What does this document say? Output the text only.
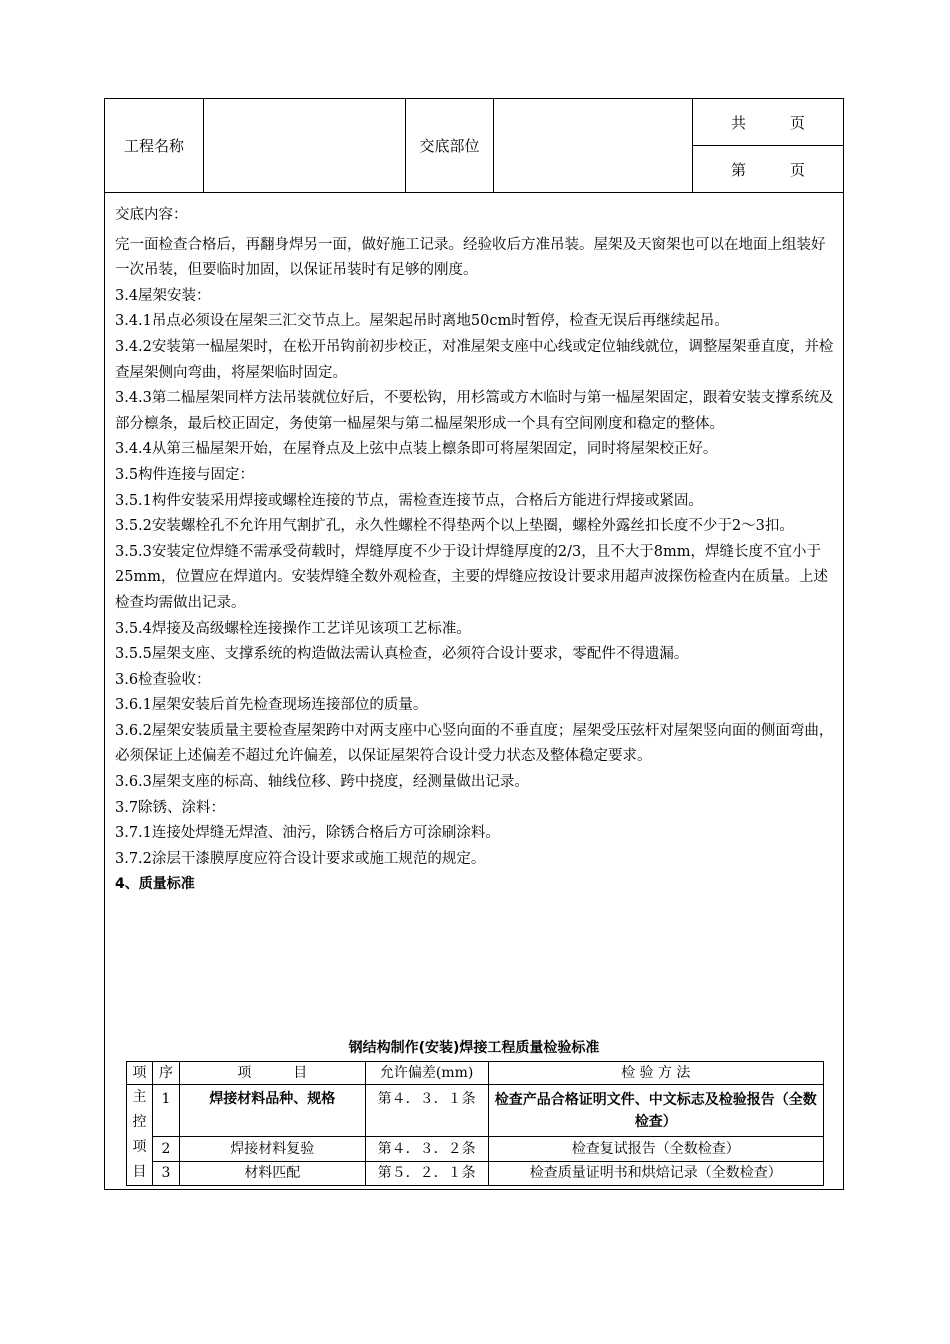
工程名称	交底部位
共	页
第	页

交底内容：

完一面检查合格后，再翻身焊另一面，做好施工记录。经验收后方准吊装。屋架及天窗架也可以在地面上组装好一次吊装，但要临时加固，以保证吊装时有足够的刚度。

3.4屋架安装：

3.4.1吊点必须设在屋架三汇交节点上。屋架起吊时离地50cm时暂停，检查无误后再继续起吊。

3.4.2安装第一榀屋架时，在松开吊钩前初步校正，对准屋架支座中心线或定位轴线就位，调整屋架垂直度，并检查屋架侧向弯曲，将屋架临时固定。

3.4.3第二榀屋架同样方法吊装就位好后，不要松钩，用杉篙或方木临时与第一榀屋架固定，跟着安装支撑系统及部分檩条，最后校正固定，务使第一榀屋架与第二榀屋架形成一个具有空间刚度和稳定的整体。

3.4.4从第三榀屋架开始，在屋脊点及上弦中点装上檩条即可将屋架固定，同时将屋架校正好。

3.5构件连接与固定：

3.5.1构件安装采用焊接或螺栓连接的节点，需检查连接节点，合格后方能进行焊接或紧固。

3.5.2安装螺栓孔不允许用气割扩孔，永久性螺栓不得垫两个以上垫圈，螺栓外露丝扣长度不少于2～3扣。

3.5.3安装定位焊缝不需承受荷载时，焊缝厚度不少于设计焊缝厚度的2/3，且不大于8mm，焊缝长度不宜小于25mm，位置应在焊道内。安装焊缝全数外观检查，主要的焊缝应按设计要求用超声波探伤检查内在质量。上述检查均需做出记录。

3.5.4焊接及高级螺栓连接操作工艺详见该项工艺标准。

3.5.5屋架支座、支撑系统的构造做法需认真检查，必须符合设计要求，零配件不得遗漏。

3.6检查验收：

3.6.1屋架安装后首先检查现场连接部位的质量。

3.6.2屋架安装质量主要检查屋架跨中对两支座中心竖向面的不垂直度；屋架受压弦杆对屋架竖向面的侧面弯曲，必须保证上述偏差不超过允许偏差，以保证屋架符合设计受力状态及整体稳定要求。

3.6.3屋架支座的标高、轴线位移、跨中挠度，经测量做出记录。

3.7除锈、涂料：

3.7.1连接处焊缝无焊渣、油污，除锈合格后方可涂刷涂料。

3.7.2涂层干漆膜厚度应符合设计要求或施工规范的规定。

4、质量标准

钢结构制作(安装)焊接工程质量检验标准
项	序	项　　　目	允许偏差(mm)	检 验 方 法

主
控
项
目	1	焊接材料品种、规格	第４．３．１条	检查产品合格证明文件、中文标志及检验报告（全数检查）
	2	焊接材料复验	第４．３．２条	检查复试报告（全数检查）
	3	材料匹配	第５．２．１条	检查质量证明书和烘焙记录（全数检查）
